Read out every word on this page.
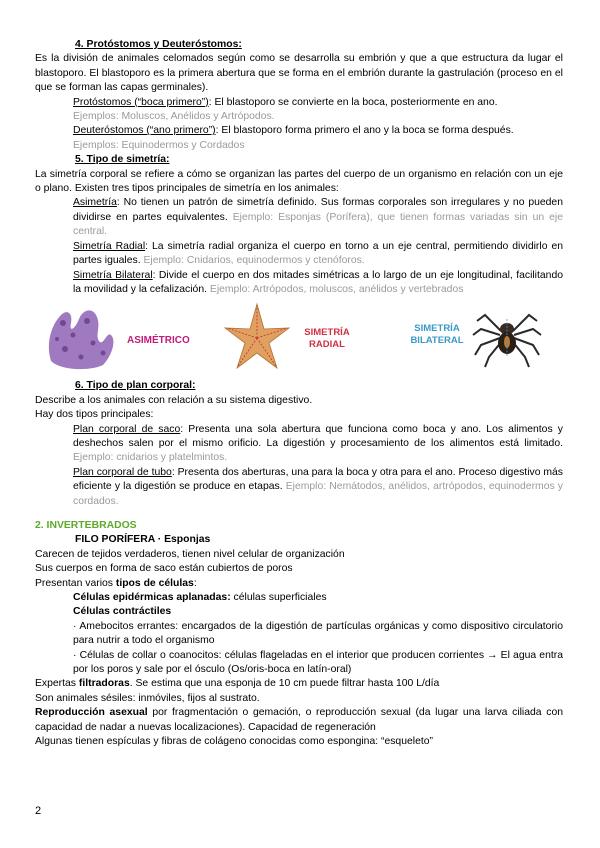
4. Protóstomos y Deuteróstomos:

Es la división de animales celomados según como se desarrolla su embrión y que a que estructura da lugar el blastoporo. El blastoporo es la primera abertura que se forma en el embrión durante la gastrulación (proceso en el que se forman las capas germinales).

Protóstomos (“boca primero”): El blastoporo se convierte en la boca, posteriormente en ano.

Ejemplos: Moluscos, Anélidos y Artrópodos.

Deuteróstomos (“ano primero”): El blastoporo forma primero el ano y la boca se forma después.

Ejemplos: Equinodermos y Cordados

5. Tipo de simetría:

La simetría corporal se refiere a cómo se organizan las partes del cuerpo de un organismo en relación con un eje o plano. Existen tres tipos principales de simetría en los animales:

Asimetría: No tienen un patrón de simetría definido. Sus formas corporales son irregulares y no pueden dividirse en partes equivalentes. Ejemplo: Esponjas (Porífera), que tienen formas variadas sin un eje central.

Simetría Radial: La simetría radial organiza el cuerpo en torno a un eje central, permitiendo dividirlo en partes iguales. Ejemplo: Cnidarios, equinodermos y ctenóforos.

Simetría Bilateral: Divide el cuerpo en dos mitades simétricas a lo largo de un eje longitudinal, facilitando la movilidad y la cefalización. Ejemplo: Artrópodos, moluscos, anélidos y vertebrados

ASIMÉTRICO
SIMETRÍA
RADIAL
SIMETRÍA
BILATERAL

6. Tipo de plan corporal:

Describe a los animales con relación a su sistema digestivo.

Hay dos tipos principales:

Plan corporal de saco: Presenta una sola abertura que funciona como boca y ano. Los alimentos y deshechos salen por el mismo orificio. La digestión y procesamiento de los alimentos está limitado. Ejemplo: cnidarios y platelmintos.

Plan corporal de tubo: Presenta dos aberturas, una para la boca y otra para el ano. Proceso digestivo más eficiente y la digestión se produce en etapas. Ejemplo: Nemátodos, anélidos, artrópodos, equinodermos y cordados.

2. INVERTEBRADOS

FILO PORÍFERA · Esponjas

Carecen de tejidos verdaderos, tienen nivel celular de organización

Sus cuerpos en forma de saco están cubiertos de poros

Presentan varios tipos de células:

Células epidérmicas aplanadas: células superficiales

Células contráctiles

· Amebocitos errantes: encargados de la digestión de partículas orgánicas y como dispositivo circulatorio para nutrir a todo el organismo

· Células de collar o coanocitos: células flageladas en el interior que producen corrientes → El agua entra por los poros y sale por el ósculo (Os/oris-boca en latín-oral)

Expertas filtradoras. Se estima que una esponja de 10 cm puede filtrar hasta 100 L/día

Son animales sésiles: inmóviles, fijos al sustrato.

Reproducción asexual por fragmentación o gemación, o reproducción sexual (da lugar una larva ciliada con capacidad de nadar a nuevas localizaciones). Capacidad de regeneración

Algunas tienen espículas y fibras de colágeno conocidas como espongina: “esqueleto”

2
